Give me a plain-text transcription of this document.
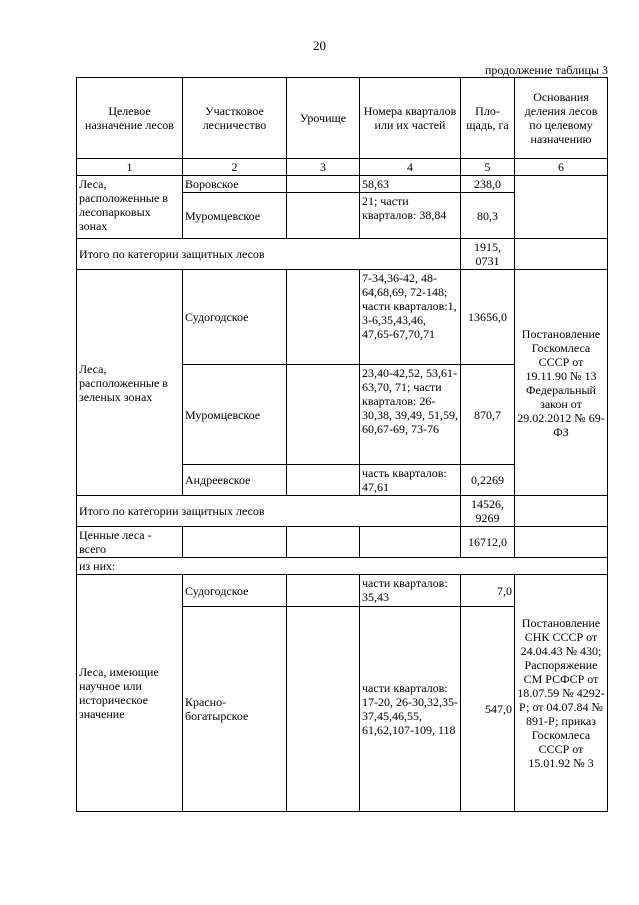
20
продолжение таблицы 3
Целевое назначение лесов	Участковое лесничество	Урочище	Номера кварталов или их частей	Пло-щадь, га	Основания деления лесов по целевому назначению
1	2	3	4	5	6
Леса, расположенные в лесопарковых зонах	Воровское		58,63	238,0	
	Муромцевское		21; части кварталов: 38,84	80,3	
Итого по категории защитных лесов				1915, 0731	
Леса, расположенные в зеленых зонах	Судогодское		7-34,36-42, 48-64,68,69, 72-148; части кварталов:1, 3-6,35,43,46, 47,65-67,70,71	13656,0	Постановление Госкомлеса СССР от 19.11.90 № 13 Федеральный закон от 29.02.2012 № 69-ФЗ
	Муромцевское		23,40-42,52, 53,61-63,70, 71; части кварталов: 26-30,38, 39,49, 51,59, 60,67-69, 73-76	870,7	
	Андреевское		часть кварталов: 47,61	0,2269	
Итого по категории защитных лесов				14526, 9269	
Ценные леса - всего				16712,0	
из них:					
Леса, имеющие научное или историческое значение	Судогодское		части кварталов: 35,43	7,0	Постановление СНК СССР от 24.04.43 № 430; Распоряжение СМ РСФСР от 18.07.59 № 4292-Р; от 04.07.84 № 891-Р; приказ Госкомлеса СССР от 15.01.92 № 3
	Красно-богатырское		части кварталов: 17-20, 26-30,32,35-37,45,46,55, 61,62,107-109, 118	547,0	
